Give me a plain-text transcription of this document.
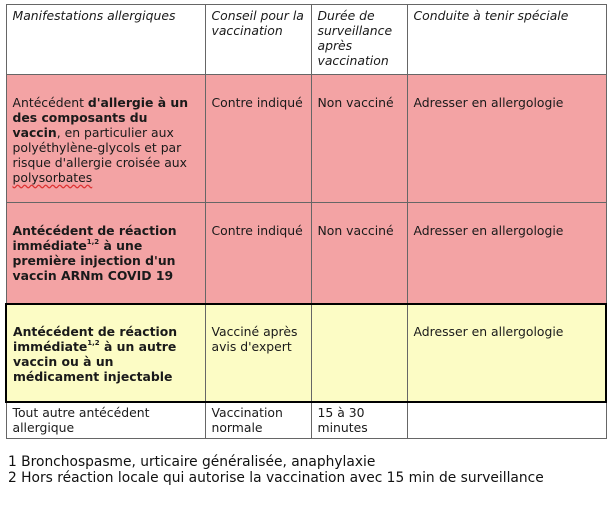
Manifestations allergiques	Conseil pour la vaccination	Durée de surveillance après vaccination	Conduite à tenir spéciale
Antécédent d'allergie à un des composants du vaccin, en particulier aux polyéthylène-glycols et par risque d'allergie croisée aux polysorbates	Contre indiqué	Non vacciné	Adresser en allergologie
Antécédent de réaction immédiate$^{1,2}$ à une première injection d'un vaccin ARNm COVID 19	Contre indiqué	Non vacciné	Adresser en allergologie
Antécédent de réaction immédiate$^{1,2}$ à un autre vaccin ou à un médicament injectable	Vacciné après avis d'expert		Adresser en allergologie
Tout autre antécédent allergique	Vaccination normale	15 à 30 minutes	
1 Bronchospasme, urticaire généralisée, anaphylaxie
2 Hors réaction locale qui autorise la vaccination avec 15 min de surveillance
